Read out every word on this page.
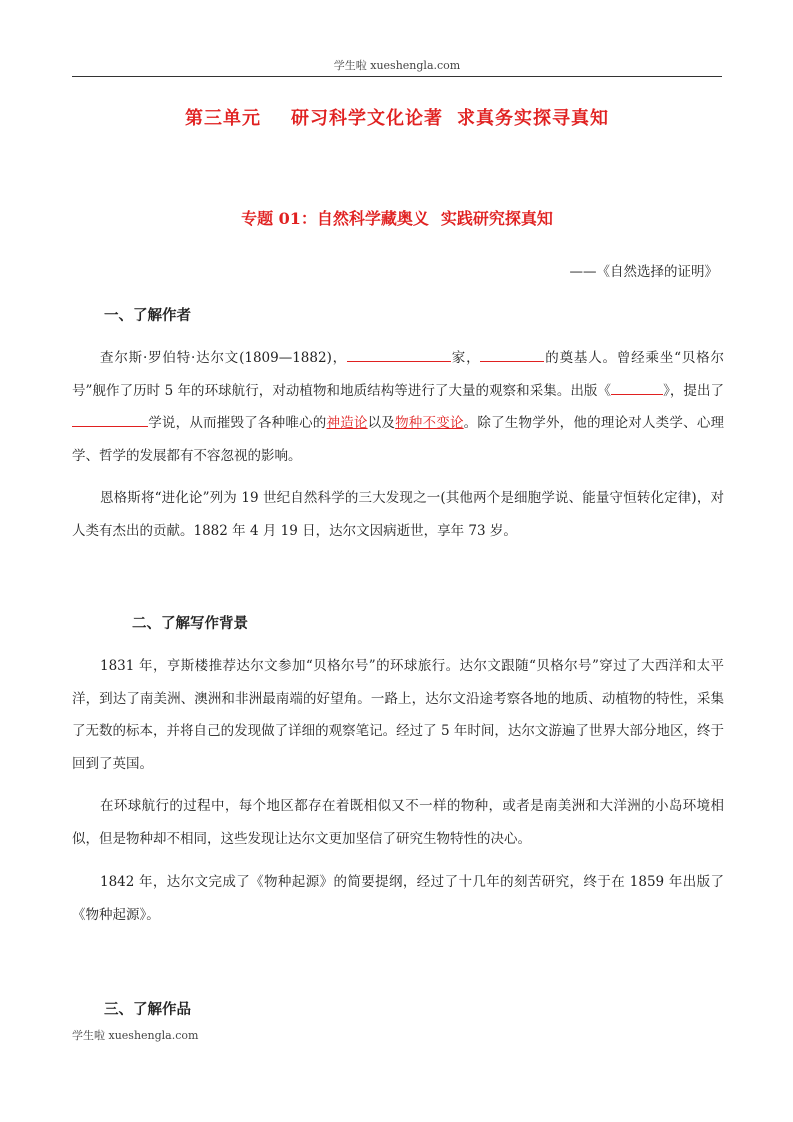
学生啦 xueshengla.com
第三单元 研习科学文化论著 求真务实探寻真知
专题 01：自然科学藏奥义 实践研究探真知
——《自然选择的证明》
一、了解作者
查尔斯·罗伯特·达尔文(1809—1882)，	家，	的奠基人。曾经乘坐“贝格尔号”舰作了历时 5 年的环球航行，对动植物和地质结构等进行了大量的观察和采集。出版《	》，提出了学说，从而摧毁了各种唯心的神造论以及物种不变论。除了生物学外，他的理论对人类学、心理学、哲学的发展都有不容忽视的影响。
恩格斯将“进化论”列为 19 世纪自然科学的三大发现之一(其他两个是细胞学说、能量守恒转化定律)，对人类有杰出的贡献。1882 年 4 月 19 日，达尔文因病逝世，享年 73 岁。
二、了解写作背景
1831 年，亨斯楼推荐达尔文参加“贝格尔号”的环球旅行。达尔文跟随“贝格尔号”穿过了大西洋和太平洋，到达了南美洲、澳洲和非洲最南端的好望角。一路上，达尔文沿途考察各地的地质、动植物的特性，采集了无数的标本，并将自己的发现做了详细的观察笔记。经过了 5 年时间，达尔文游遍了世界大部分地区，终于回到了英国。
在环球航行的过程中，每个地区都存在着既相似又不一样的物种，或者是南美洲和大洋洲的小岛环境相似，但是物种却不相同，这些发现让达尔文更加坚信了研究生物特性的决心。
1842 年，达尔文完成了《物种起源》的简要提纲，经过了十几年的刻苦研究，终于在 1859 年出版了《物种起源》。
三、了解作品
学生啦 xueshengla.com
